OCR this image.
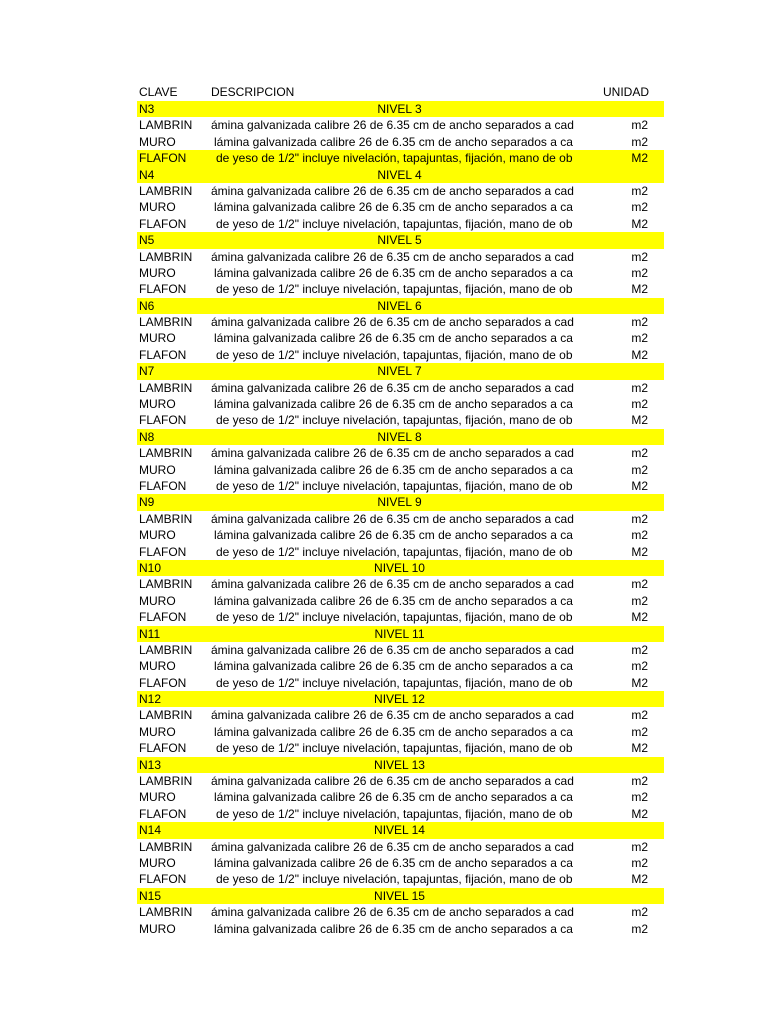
CLAVE	DESCRIPCION	UNIDAD
N3	NIVEL 3
LAMBRIN ámina galvanizada calibre 26 de 6.35 cm de ancho separados a cad	m2
MURO	lámina galvanizada calibre 26 de 6.35 cm de ancho separados a ca	m2
FLAFON de yeso de 1/2" incluye nivelación, tapajuntas, fijación, mano de ob	M2
N4	NIVEL 4
LAMBRIN ámina galvanizada calibre 26 de 6.35 cm de ancho separados a cad	m2
MURO	lámina galvanizada calibre 26 de 6.35 cm de ancho separados a ca	m2
FLAFON de yeso de 1/2" incluye nivelación, tapajuntas, fijación, mano de ob	M2
N5	NIVEL 5
LAMBRIN ámina galvanizada calibre 26 de 6.35 cm de ancho separados a cad	m2
MURO	lámina galvanizada calibre 26 de 6.35 cm de ancho separados a ca	m2
FLAFON de yeso de 1/2" incluye nivelación, tapajuntas, fijación, mano de ob	M2
N6	NIVEL 6
LAMBRIN ámina galvanizada calibre 26 de 6.35 cm de ancho separados a cad	m2
MURO	lámina galvanizada calibre 26 de 6.35 cm de ancho separados a ca	m2
FLAFON de yeso de 1/2" incluye nivelación, tapajuntas, fijación, mano de ob	M2
N7	NIVEL 7
LAMBRIN ámina galvanizada calibre 26 de 6.35 cm de ancho separados a cad	m2
MURO	lámina galvanizada calibre 26 de 6.35 cm de ancho separados a ca	m2
FLAFON de yeso de 1/2" incluye nivelación, tapajuntas, fijación, mano de ob	M2
N8	NIVEL 8
LAMBRIN ámina galvanizada calibre 26 de 6.35 cm de ancho separados a cad	m2
MURO	lámina galvanizada calibre 26 de 6.35 cm de ancho separados a ca	m2
FLAFON de yeso de 1/2" incluye nivelación, tapajuntas, fijación, mano de ob	M2
N9	NIVEL 9
LAMBRIN ámina galvanizada calibre 26 de 6.35 cm de ancho separados a cad	m2
MURO	lámina galvanizada calibre 26 de 6.35 cm de ancho separados a ca	m2
FLAFON de yeso de 1/2" incluye nivelación, tapajuntas, fijación, mano de ob	M2
N10	NIVEL 10
LAMBRIN ámina galvanizada calibre 26 de 6.35 cm de ancho separados a cad	m2
MURO	lámina galvanizada calibre 26 de 6.35 cm de ancho separados a ca	m2
FLAFON de yeso de 1/2" incluye nivelación, tapajuntas, fijación, mano de ob	M2
N11	NIVEL 11
LAMBRIN ámina galvanizada calibre 26 de 6.35 cm de ancho separados a cad	m2
MURO	lámina galvanizada calibre 26 de 6.35 cm de ancho separados a ca	m2
FLAFON de yeso de 1/2" incluye nivelación, tapajuntas, fijación, mano de ob	M2
N12	NIVEL 12
LAMBRIN ámina galvanizada calibre 26 de 6.35 cm de ancho separados a cad	m2
MURO	lámina galvanizada calibre 26 de 6.35 cm de ancho separados a ca	m2
FLAFON de yeso de 1/2" incluye nivelación, tapajuntas, fijación, mano de ob	M2
N13	NIVEL 13
LAMBRIN ámina galvanizada calibre 26 de 6.35 cm de ancho separados a cad	m2
MURO	lámina galvanizada calibre 26 de 6.35 cm de ancho separados a ca	m2
FLAFON de yeso de 1/2" incluye nivelación, tapajuntas, fijación, mano de ob	M2
N14	NIVEL 14
LAMBRIN ámina galvanizada calibre 26 de 6.35 cm de ancho separados a cad	m2
MURO	lámina galvanizada calibre 26 de 6.35 cm de ancho separados a ca	m2
FLAFON de yeso de 1/2" incluye nivelación, tapajuntas, fijación, mano de ob	M2
N15	NIVEL 15
LAMBRIN ámina galvanizada calibre 26 de 6.35 cm de ancho separados a cad	m2
MURO	lámina galvanizada calibre 26 de 6.35 cm de ancho separados a ca	m2
